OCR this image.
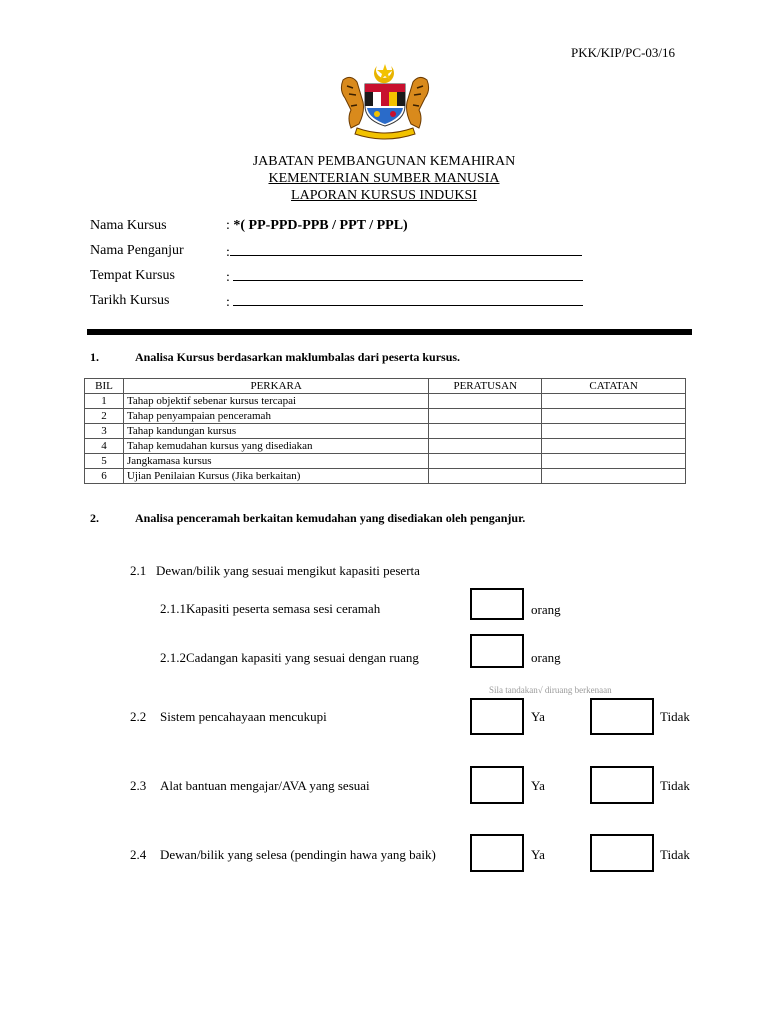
PKK/KIP/PC-03/16
JABATAN PEMBANGUNAN KEMAHIRAN
KEMENTERIAN SUMBER MANUSIA
LAPORAN KURSUS INDUKSI
Nama Kursus	: *( PP-PPD-PPB / PPT / PPL)
Nama Penganjur	:
Tempat Kursus	:
Tarikh Kursus	:
1.	Analisa Kursus berdasarkan maklumbalas dari peserta kursus.
BIL	PERKARA	PERATUSAN	CATATAN
1	Tahap objektif sebenar kursus tercapai		
2	Tahap penyampaian penceramah		
3	Tahap kandungan kursus		
4	Tahap kemudahan kursus yang disediakan		
5	Jangkamasa kursus		
6	Ujian Penilaian Kursus (Jika berkaitan)		
2.	Analisa penceramah berkaitan kemudahan yang disediakan oleh penganjur.
2.1   Dewan/bilik yang sesuai mengikut kapasiti peserta
2.1.1Kapasiti peserta semasa sesi ceramah	orang
2.1.2Cadangan kapasiti yang sesuai dengan ruang	orang
Sila tandakan√ diruang berkenaan
2.2 Sistem pencahayaan mencukupi	Ya	Tidak
2.3 Alat bantuan mengajar/AVA yang sesuai	Ya	Tidak
2.4 Dewan/bilik yang selesa (pendingin hawa yang baik)	Ya	Tidak
